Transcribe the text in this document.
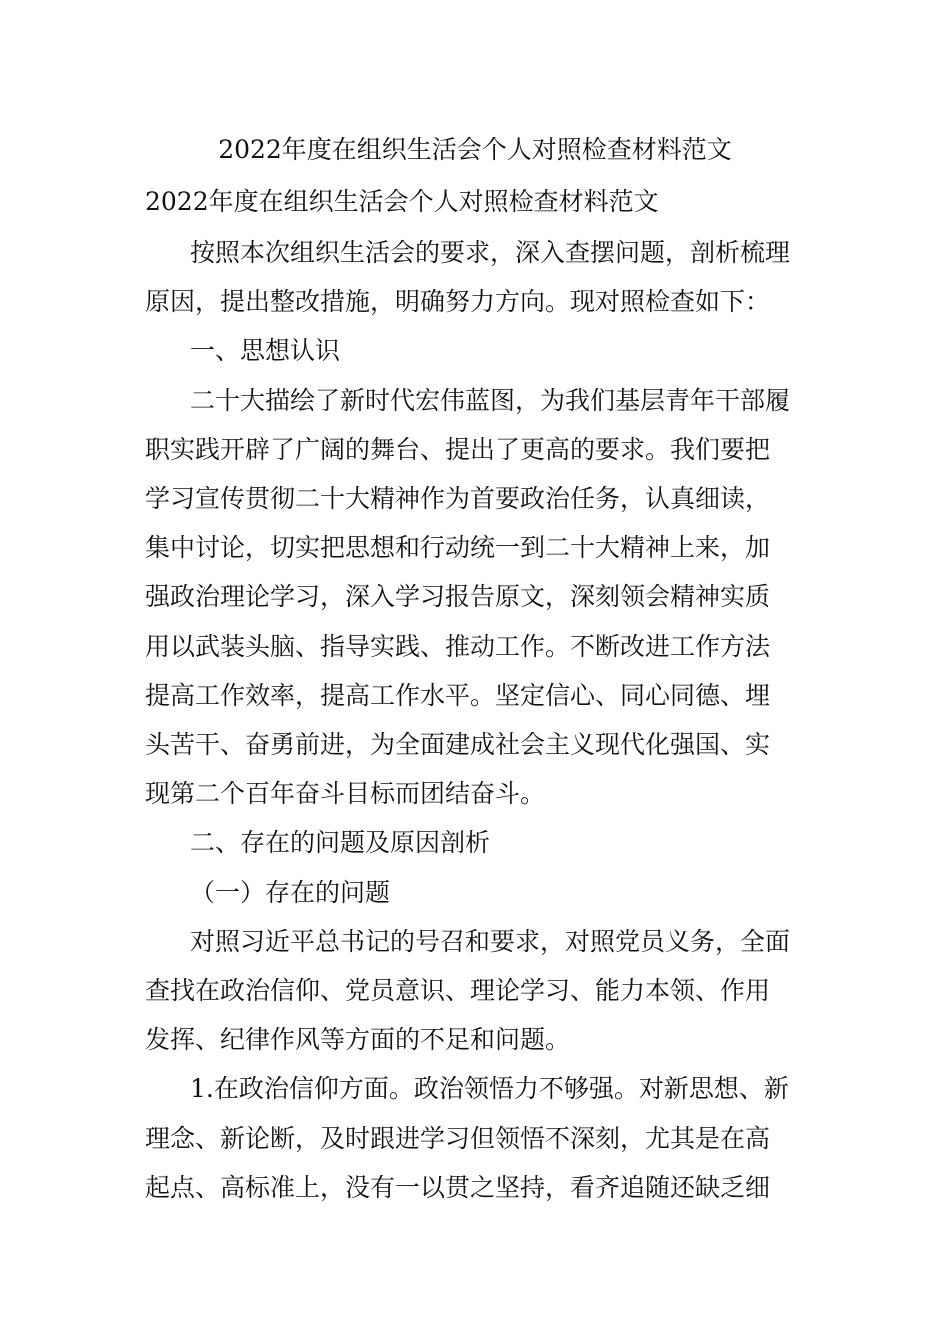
2022年度在组织生活会个人对照检查材料范文
2022年度在组织生活会个人对照检查材料范文

按照本次组织生活会的要求，深入查摆问题，剖析梳理
原因，提出整改措施，明确努力方向。现对照检查如下：

一、思想认识

二十大描绘了新时代宏伟蓝图，为我们基层青年干部履
职实践开辟了广阔的舞台、提出了更高的要求。我们要把
学习宣传贯彻二十大精神作为首要政治任务，认真细读，
集中讨论，切实把思想和行动统一到二十大精神上来，加
强政治理论学习，深入学习报告原文，深刻领会精神实质
用以武装头脑、指导实践、推动工作。不断改进工作方法
提高工作效率，提高工作水平。坚定信心、同心同德、埋
头苦干、奋勇前进，为全面建成社会主义现代化强国、实
现第二个百年奋斗目标而团结奋斗。

二、存在的问题及原因剖析

（一）存在的问题

对照习近平总书记的号召和要求，对照党员义务，全面
查找在政治信仰、党员意识、理论学习、能力本领、作用
发挥、纪律作风等方面的不足和问题。

1.在政治信仰方面。政治领悟力不够强。对新思想、新
理念、新论断，及时跟进学习但领悟不深刻，尤其是在高
起点、高标准上，没有一以贯之坚持，看齐追随还缺乏细
